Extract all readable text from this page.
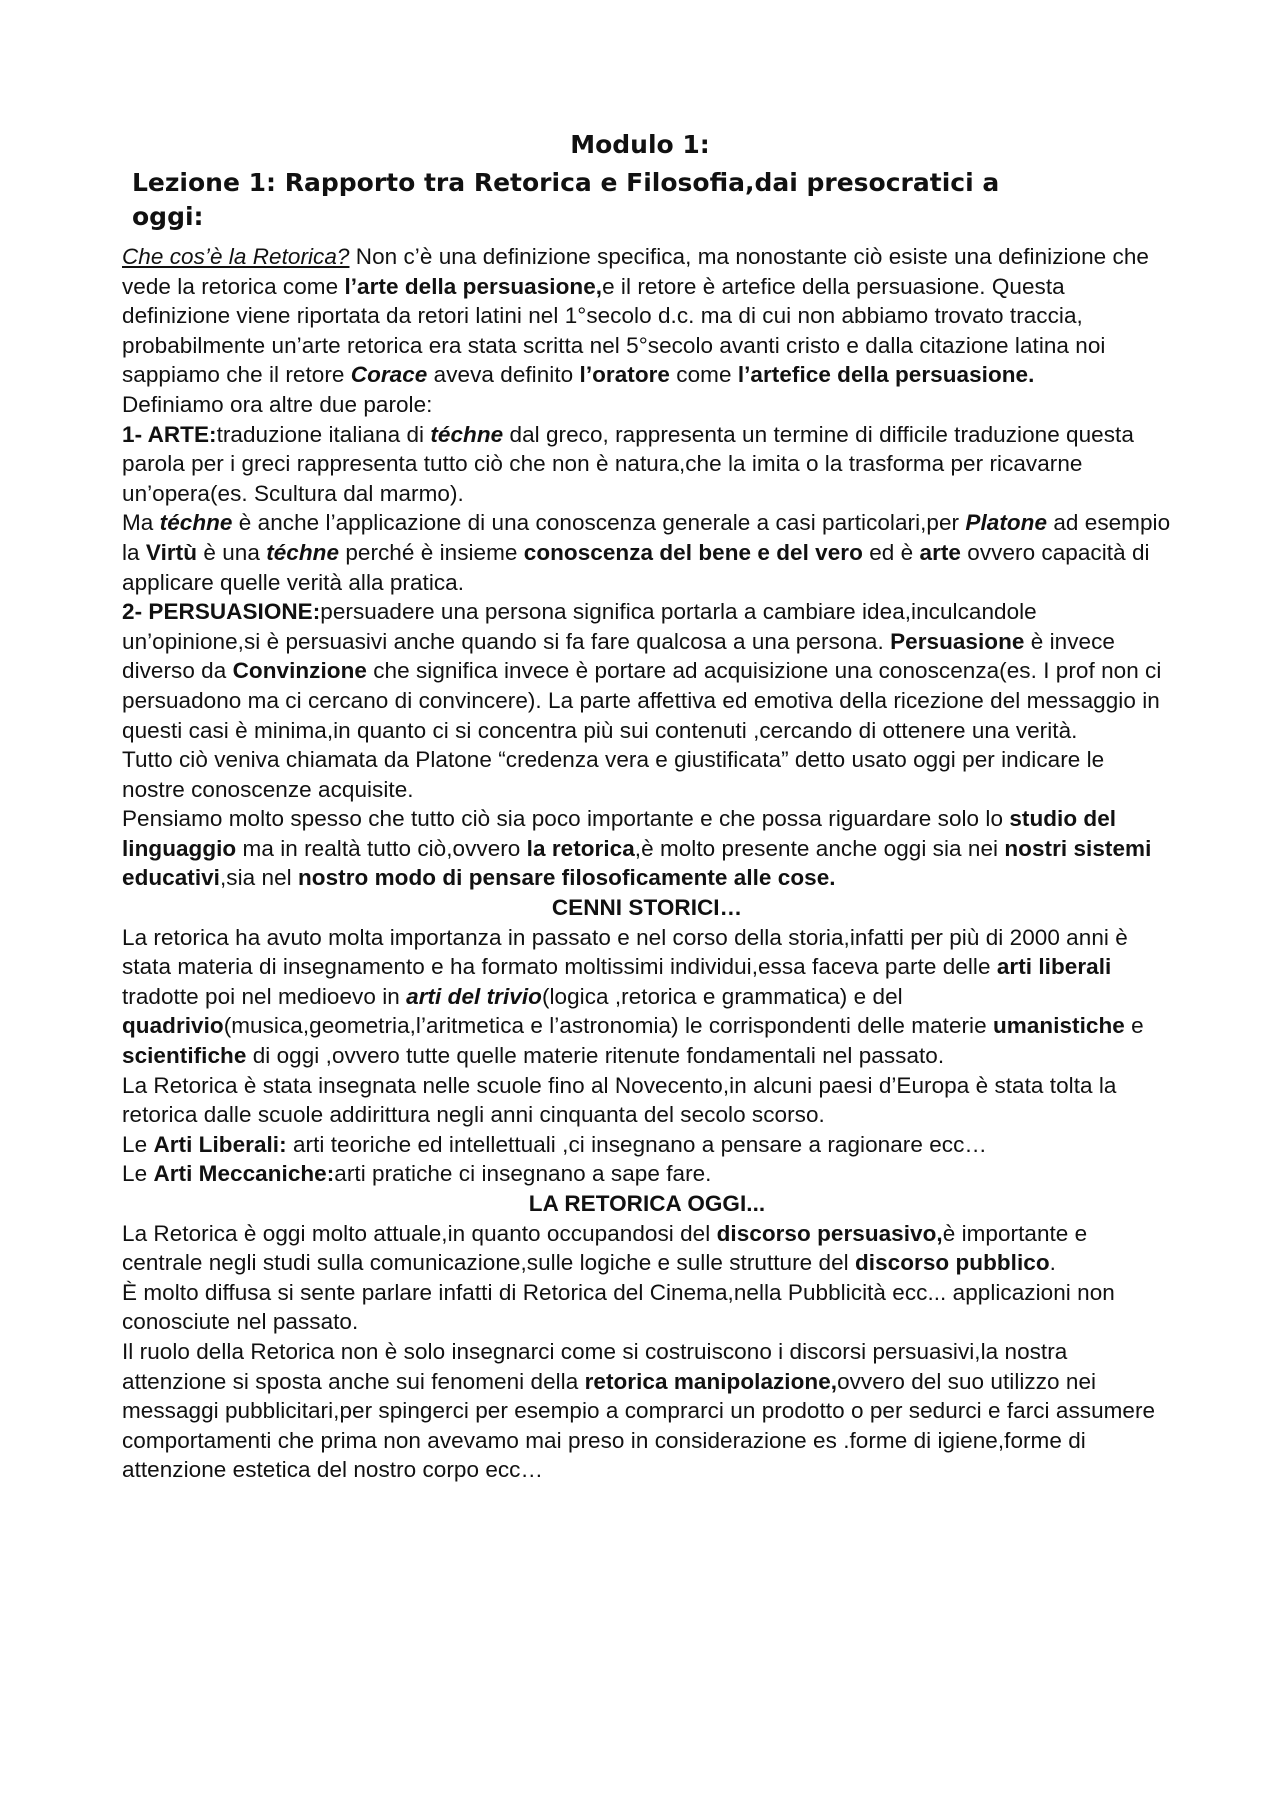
Modulo 1:
Lezione 1: Rapporto tra Retorica e Filosofia,dai presocratici a
oggi:

Che cos’è la Retorica? Non c’è una definizione specifica, ma nonostante ciò esiste una definizione che vede la retorica come l’arte della persuasione,e il retore è artefice della persuasione. Questa definizione viene riportata da retori latini nel 1°secolo d.c. ma di cui non abbiamo trovato traccia, probabilmente un’arte retorica era stata scritta nel 5°secolo avanti cristo e dalla citazione latina noi sappiamo che il retore Corace aveva definito l’oratore come l’artefice della persuasione.

Definiamo ora altre due parole:

1- ARTE:traduzione italiana di téchne dal greco, rappresenta un termine di difficile traduzione questa parola per i greci rappresenta tutto ciò che non è natura,che la imita o la trasforma per ricavarne un’opera(es. Scultura dal marmo).

Ma téchne è anche l’applicazione di una conoscenza generale a casi particolari,per Platone ad esempio la Virtù è una téchne perché è insieme conoscenza del bene e del vero ed è arte ovvero capacità di applicare quelle verità alla pratica.

2- PERSUASIONE:persuadere una persona significa portarla a cambiare idea,inculcandole un’opinione,si è persuasivi anche quando si fa fare qualcosa a una persona. Persuasione è invece diverso da Convinzione che significa invece è portare ad acquisizione una conoscenza(es. I prof non ci persuadono ma ci cercano di convincere). La parte affettiva ed emotiva della ricezione del messaggio in questi casi è minima,in quanto ci si concentra più sui contenuti ,cercando di ottenere una verità.

Tutto ciò veniva chiamata da Platone “credenza vera e giustificata” detto usato oggi per indicare le nostre conoscenze acquisite.

Pensiamo molto spesso che tutto ciò sia poco importante e che possa riguardare solo lo studio del linguaggio ma in realtà tutto ciò,ovvero la retorica,è molto presente anche oggi sia nei nostri sistemi educativi,sia nel nostro modo di pensare filosoficamente alle cose.

CENNI STORICI…

La retorica ha avuto molta importanza in passato e nel corso della storia,infatti per più di 2000 anni è stata materia di insegnamento e ha formato moltissimi individui,essa faceva parte delle arti liberali tradotte poi nel medioevo in arti del trivio(logica ,retorica e grammatica) e del quadrivio(musica,geometria,l’aritmetica e l’astronomia) le corrispondenti delle materie umanistiche e scientifiche di oggi ,ovvero tutte quelle materie ritenute fondamentali nel passato.

La Retorica è stata insegnata nelle scuole fino al Novecento,in alcuni paesi d’Europa è stata tolta la retorica dalle scuole addirittura negli anni cinquanta del secolo scorso.

Le Arti Liberali: arti teoriche ed intellettuali ,ci insegnano a pensare a ragionare ecc…

Le Arti Meccaniche:arti pratiche ci insegnano a sape fare.

LA RETORICA OGGI...

La Retorica è oggi molto attuale,in quanto occupandosi del discorso persuasivo,è importante e centrale negli studi sulla comunicazione,sulle logiche e sulle strutture del discorso pubblico.

È molto diffusa si sente parlare infatti di Retorica del Cinema,nella Pubblicità ecc... applicazioni non conosciute nel passato.

Il ruolo della Retorica non è solo insegnarci come si costruiscono i discorsi persuasivi,la nostra attenzione si sposta anche sui fenomeni della retorica manipolazione,ovvero del suo utilizzo nei messaggi pubblicitari,per spingerci per esempio a comprarci un prodotto o per sedurci e farci assumere comportamenti che prima non avevamo mai preso in considerazione es .forme di igiene,forme di attenzione estetica del nostro corpo ecc…
